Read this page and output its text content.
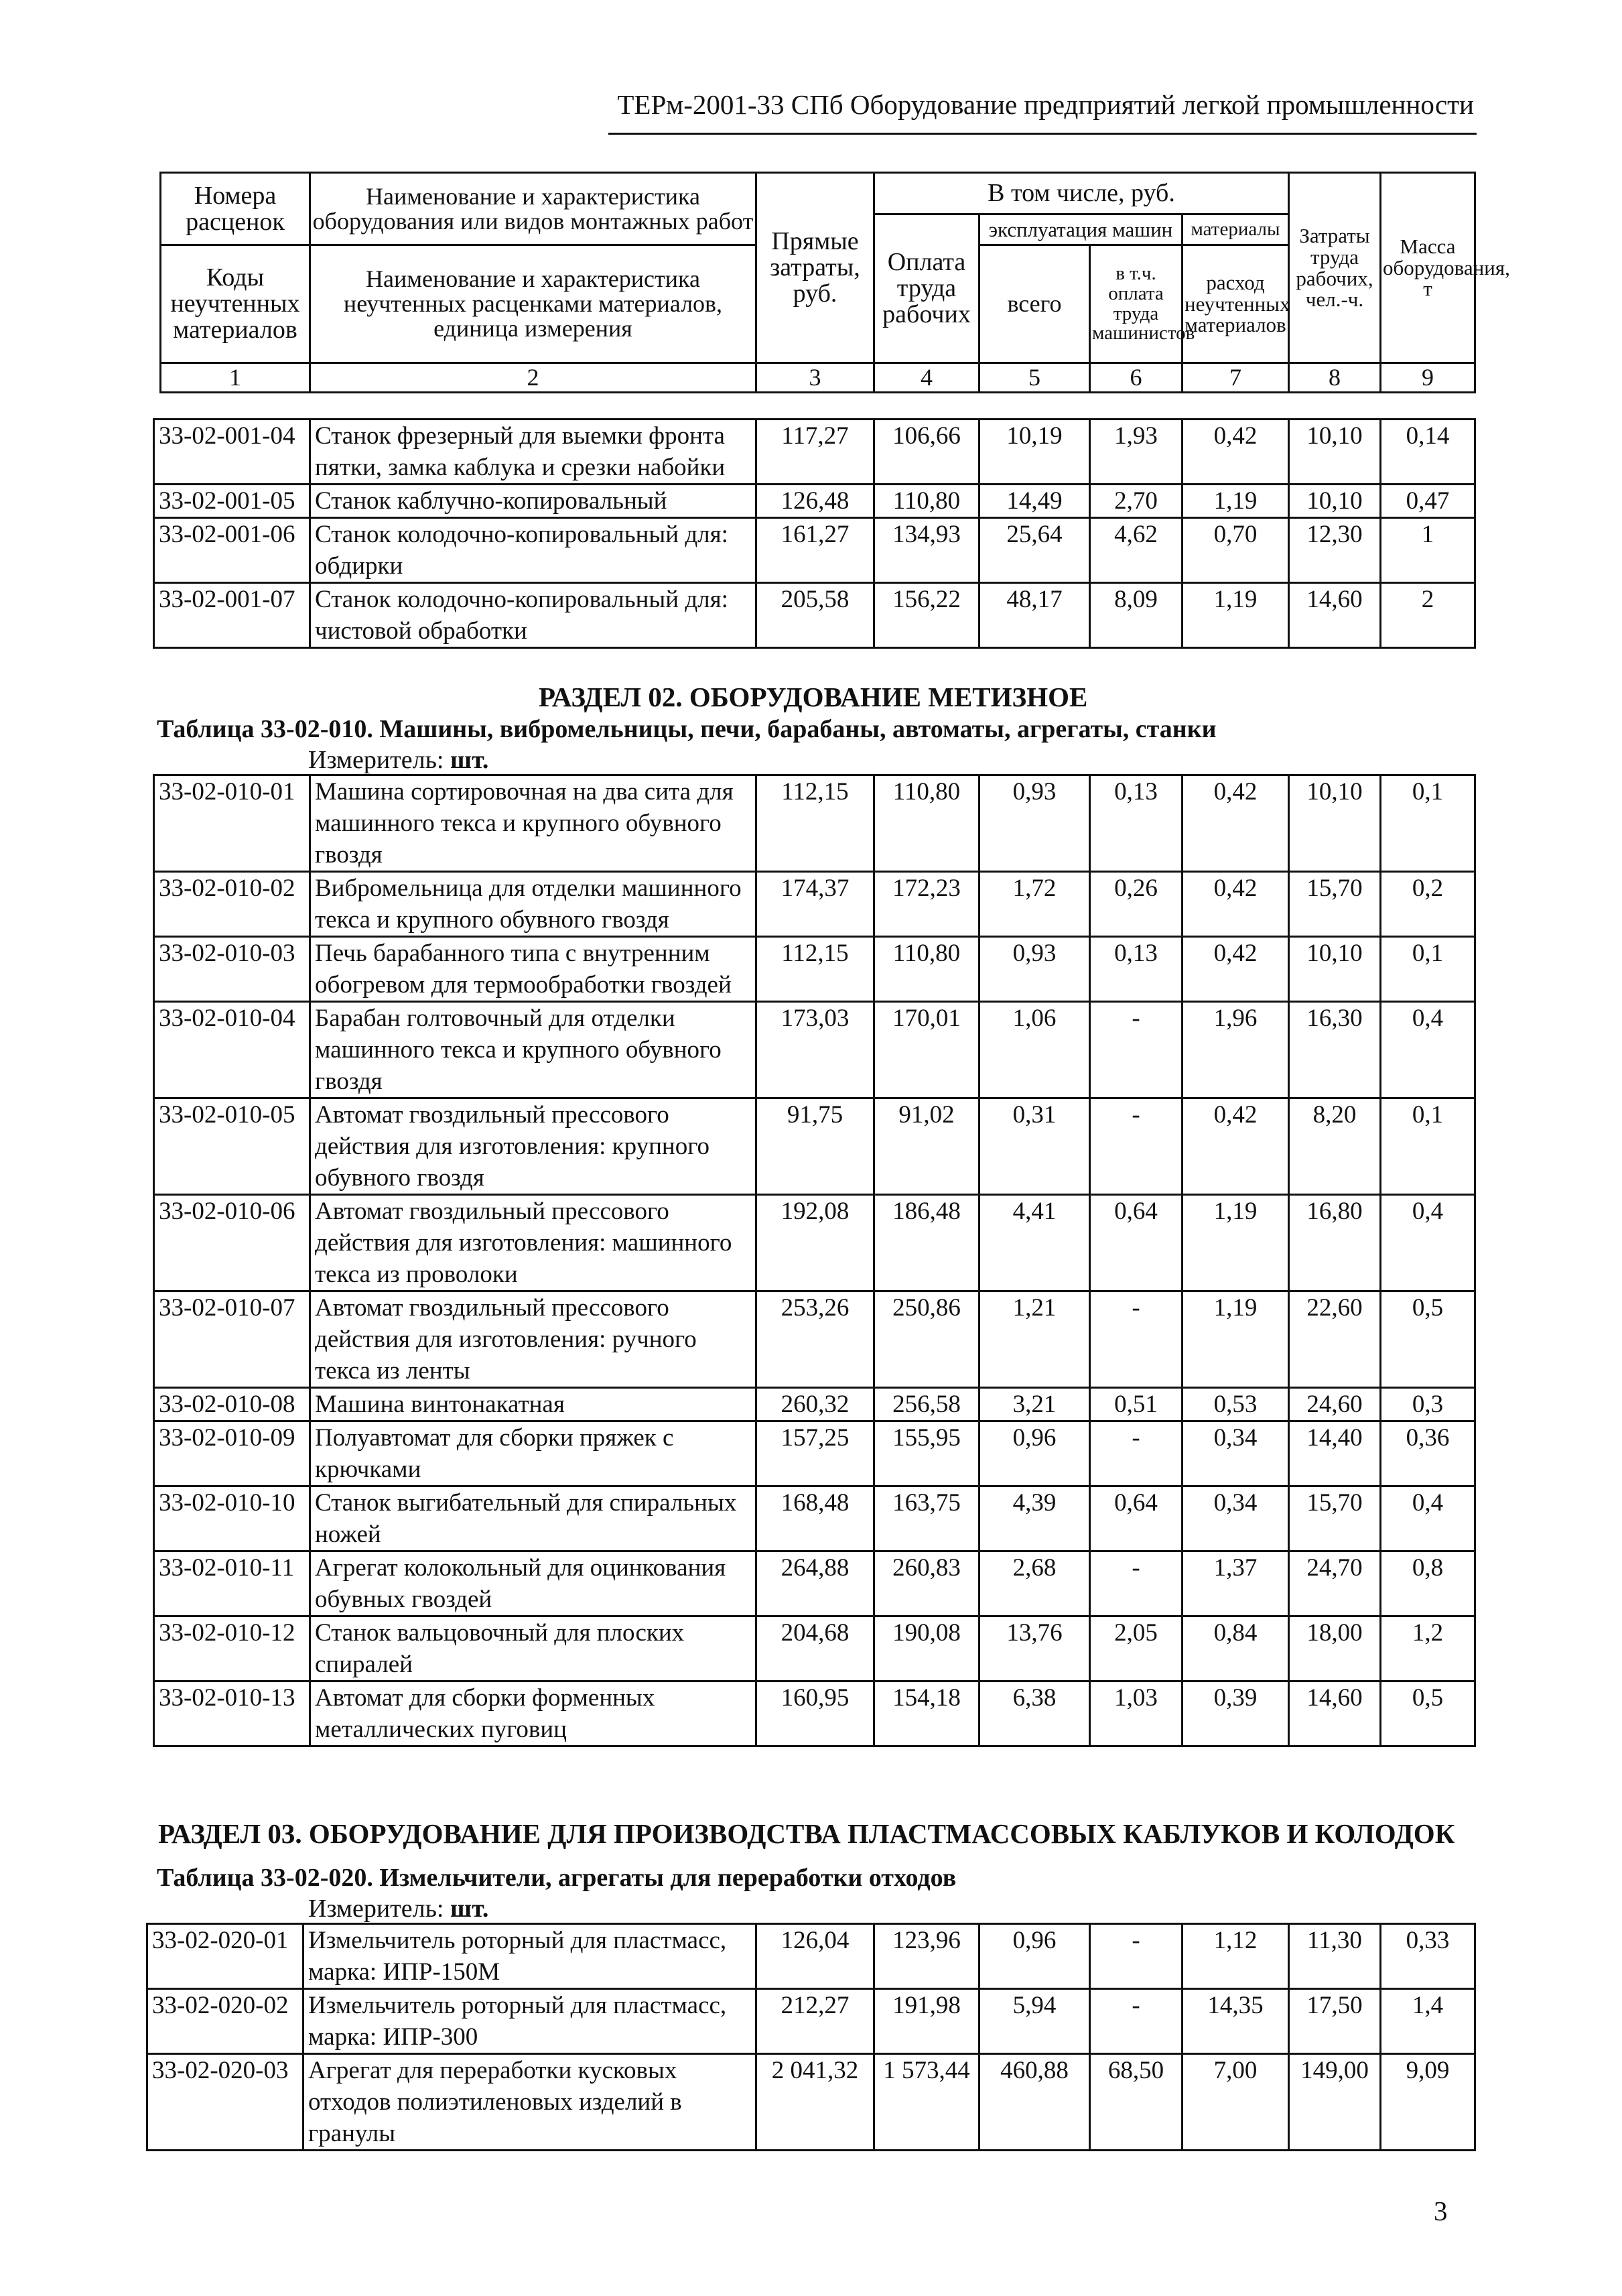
ТЕРм-2001-33 СПб Оборудование предприятий легкой промышленности
Номера расценок	Наименование и характеристика оборудования или видов монтажных работ	Прямые затраты, руб.	В том числе, руб.				Затраты труда рабочих, чел.-ч.	Масса оборудования, т
			Оплата труда рабочих	эксплуатация машин		материалы		
Коды неучтенных материалов	Наименование и характеристика неучтенных расценками материалов, единица измерения			всего	в т.ч. оплата труда машинистов	расход неучтенных материалов		

1	2	3	4	5	6	7	8	9
33-02-001-04	Станок фрезерный для выемки фронта пятки, замка каблука и срезки набойки	117,27	106,66	10,19	1,93	0,42	10,10	0,14
33-02-001-05	Станок каблучно-копировальный	126,48	110,80	14,49	2,70	1,19	10,10	0,47
33-02-001-06	Станок колодочно-копировальный для: обдирки	161,27	134,93	25,64	4,62	0,70	12,30	1
33-02-001-07	Станок колодочно-копировальный для: чистовой обработки	205,58	156,22	48,17	8,09	1,19	14,60	2
РАЗДЕЛ 02. ОБОРУДОВАНИЕ МЕТИЗНОЕ
Таблица 33-02-010. Машины, вибромельницы, печи, барабаны, автоматы, агрегаты, станки
Измеритель: шт.
33-02-010-01	Машина сортировочная на два сита для машинного текса и крупного обувного гвоздя	112,15	110,80	0,93	0,13	0,42	10,10	0,1
33-02-010-02	Вибромельница для отделки машинного текса и крупного обувного гвоздя	174,37	172,23	1,72	0,26	0,42	15,70	0,2
33-02-010-03	Печь барабанного типа с внутренним обогревом для термообработки гвоздей	112,15	110,80	0,93	0,13	0,42	10,10	0,1
33-02-010-04	Барабан голтовочный для отделки машинного текса и крупного обувного гвоздя	173,03	170,01	1,06	-	1,96	16,30	0,4
33-02-010-05	Автомат гвоздильный прессового действия для изготовления: крупного обувного гвоздя	91,75	91,02	0,31	-	0,42	8,20	0,1
33-02-010-06	Автомат гвоздильный прессового действия для изготовления: машинного текса из проволоки	192,08	186,48	4,41	0,64	1,19	16,80	0,4
33-02-010-07	Автомат гвоздильный прессового действия для изготовления: ручного текса из ленты	253,26	250,86	1,21	-	1,19	22,60	0,5
33-02-010-08	Машина винтонакатная	260,32	256,58	3,21	0,51	0,53	24,60	0,3
33-02-010-09	Полуавтомат для сборки пряжек с крючками	157,25	155,95	0,96	-	0,34	14,40	0,36
33-02-010-10	Станок выгибательный для спиральных ножей	168,48	163,75	4,39	0,64	0,34	15,70	0,4
33-02-010-11	Агрегат колокольный для оцинкования обувных гвоздей	264,88	260,83	2,68	-	1,37	24,70	0,8
33-02-010-12	Станок вальцовочный для плоских спиралей	204,68	190,08	13,76	2,05	0,84	18,00	1,2
33-02-010-13	Автомат для сборки форменных металлических пуговиц	160,95	154,18	6,38	1,03	0,39	14,60	0,5
РАЗДЕЛ 03. ОБОРУДОВАНИЕ ДЛЯ ПРОИЗВОДСТВА ПЛАСТМАССОВЫХ КАБЛУКОВ И КОЛОДОК
Таблица 33-02-020. Измельчители, агрегаты для переработки отходов
Измеритель: шт.
33-02-020-01	Измельчитель роторный для пластмасс, марка: ИПР-150М	126,04	123,96	0,96	-	1,12	11,30	0,33
33-02-020-02	Измельчитель роторный для пластмасс, марка: ИПР-300	212,27	191,98	5,94	-	14,35	17,50	1,4
33-02-020-03	Агрегат для переработки кусковых отходов полиэтиленовых изделий в гранулы	2 041,32	1 573,44	460,88	68,50	7,00	149,00	9,09
3
